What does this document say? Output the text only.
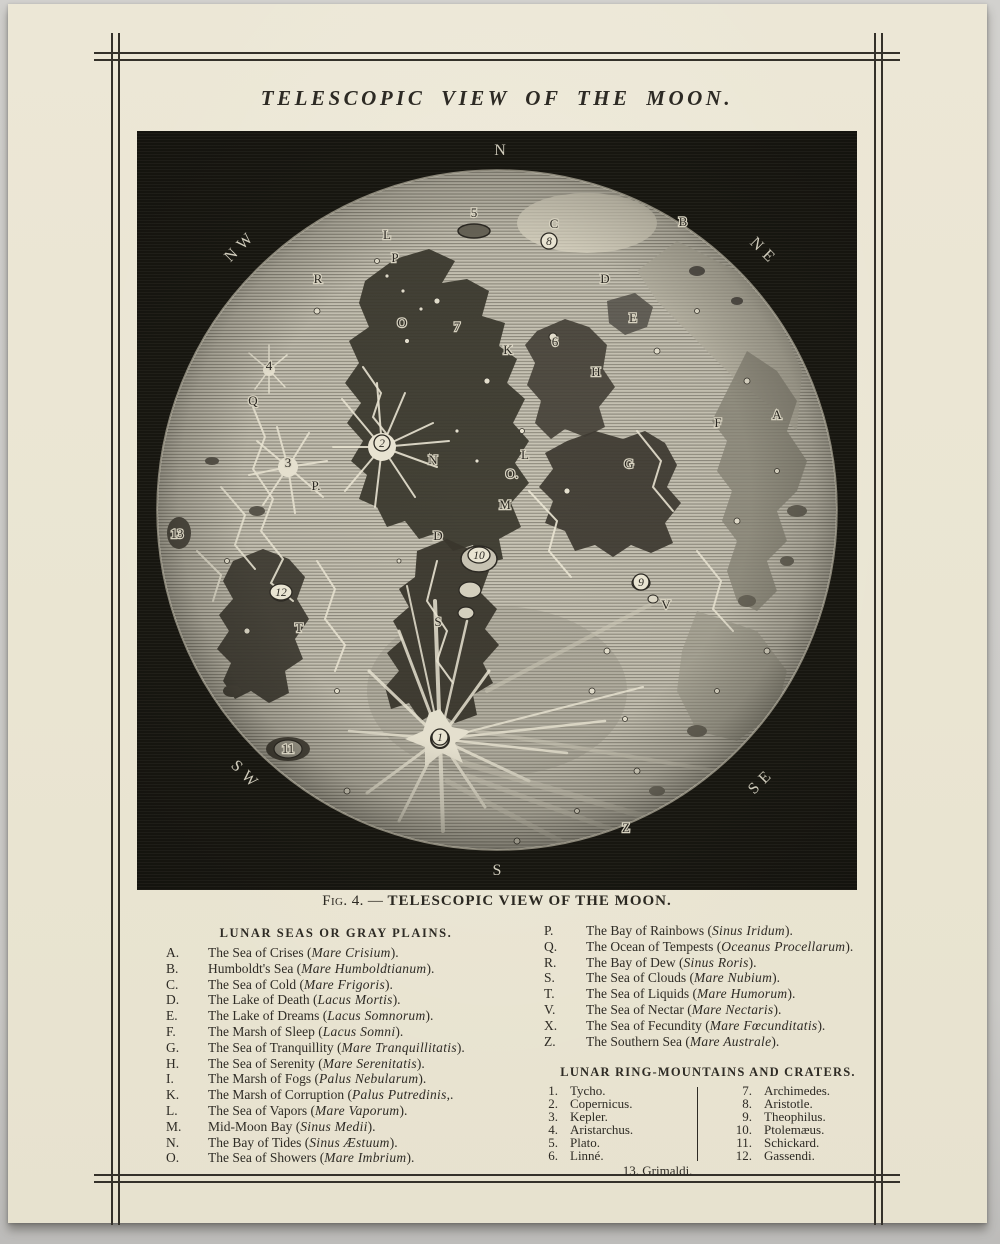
TELESCOPIC VIEW OF THE MOON.
B
C
5
8
D
L
P
R
O	7
K
6
E
H
G
F
A
4
Q
2
N
3
P.
L
O.
M
13	D
10
9
V
12
T	S
11
1
Z
N
NW	NE
SW	SE
S
Fig. 4. — TELESCOPIC VIEW OF THE MOON.
LUNAR SEAS OR GRAY PLAINS.
A.	The Sea of Crises (Mare Crisium).
B.	Humboldt's Sea (Mare Humboldtianum).
C.	The Sea of Cold (Mare Frigoris).
D.	The Lake of Death (Lacus Mortis).
E.	The Lake of Dreams (Lacus Somnorum).
F.	The Marsh of Sleep (Lacus Somni).
G.	The Sea of Tranquillity (Mare Tranquillitatis).
H.	The Sea of Serenity (Mare Serenitatis).
I.	The Marsh of Fogs (Palus Nebularum).
K.	The Marsh of Corruption (Palus Putredinis,.
L.	The Sea of Vapors (Mare Vaporum).
M.	Mid-Moon Bay (Sinus Medii).
N.	The Bay of Tides (Sinus Æstuum).
O.	The Sea of Showers (Mare Imbrium).
P.	The Bay of Rainbows (Sinus Iridum).
Q.	The Ocean of Tempests (Oceanus Procellarum).
R.	The Bay of Dew (Sinus Roris).
S.	The Sea of Clouds (Mare Nubium).
T.	The Sea of Liquids (Mare Humorum).
V.	The Sea of Nectar (Mare Nectaris).
X.	The Sea of Fecundity (Mare Fœcunditatis).
Z.	The Southern Sea (Mare Australe).
LUNAR RING-MOUNTAINS AND CRATERS.
1. Tycho.
2. Copernicus.
3. Kepler.
4. Aristarchus.
5. Plato.
6. Linné.
7. Archimedes.
8. Aristotle.
9. Theophilus.
10. Ptolemæus.
11. Schickard.
12. Gassendi.
13. Grimaldi.
